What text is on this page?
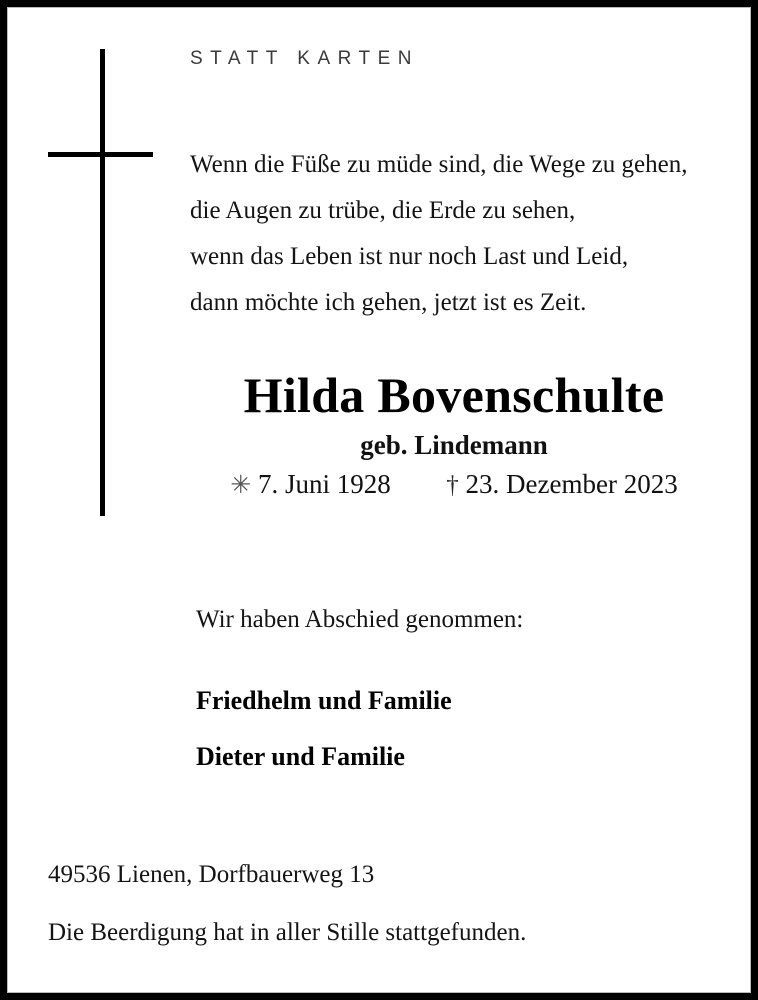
STATT KARTEN
Wenn die Füße zu müde sind, die Wege zu gehen,
die Augen zu trübe, die Erde zu sehen,
wenn das Leben ist nur noch Last und Leid,
dann möchte ich gehen, jetzt ist es Zeit.
Hilda Bovenschulte
geb. Lindemann
✳ 7. Juni 1928 † 23. Dezember 2023
Wir haben Abschied genommen:
Friedhelm und Familie
Dieter und Familie
49536 Lienen, Dorfbauerweg 13
Die Beerdigung hat in aller Stille stattgefunden.
